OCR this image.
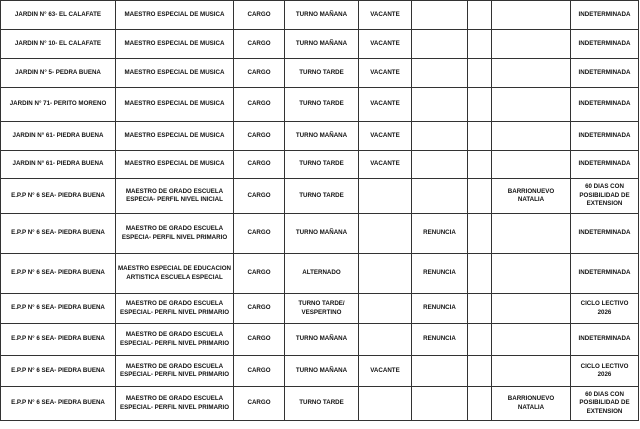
JARDIN N° 63- EL CALAFATE	MAESTRO ESPECIAL DE MUSICA	CARGO	TURNO MAÑANA	VACANTE				INDETERMINADA
JARDIN N° 10- EL CALAFATE	MAESTRO ESPECIAL DE MUSICA	CARGO	TURNO MAÑANA	VACANTE				INDETERMINADA
JARDIN N° 5- PEDRA BUENA	MAESTRO ESPECIAL DE MUSICA	CARGO	TURNO TARDE	VACANTE				INDETERMINADA
JARDIN N° 71- PERITO MORENO	MAESTRO ESPECIAL DE MUSICA	CARGO	TURNO TARDE	VACANTE				INDETERMINADA
JARDIN N° 61- PIEDRA BUENA	MAESTRO ESPECIAL DE MUSICA	CARGO	TURNO MAÑANA	VACANTE				INDETERMINADA
JARDIN N° 61- PIEDRA BUENA	MAESTRO ESPECIAL DE MUSICA	CARGO	TURNO TARDE	VACANTE				INDETERMINADA
E.P.P N° 6 SEA- PIEDRA BUENA	MAESTRO DE GRADO ESCUELA ESPECIA- PERFIL NIVEL INICIAL	CARGO	TURNO TARDE				BARRIONUEVO NATALIA	60 DIAS CON POSIBILIDAD DE EXTENSION
E.P.P N° 6 SEA- PIEDRA BUENA	MAESTRO DE GRADO ESCUELA ESPECIA- PERFIL NIVEL PRIMARIO	CARGO	TURNO MAÑANA		RENUNCIA			INDETERMINADA
E.P.P N° 6 SEA- PIEDRA BUENA	MAESTRO ESPECIAL DE EDUCACION ARTISTICA ESCUELA ESPECIAL	CARGO	ALTERNADO		RENUNCIA			INDETERMINADA
E.P.P N° 6 SEA- PIEDRA BUENA	MAESTRO DE GRADO ESCUELA ESPECIAL- PERFIL NIVEL PRIMARIO	CARGO	TURNO TARDE/ VESPERTINO		RENUNCIA			CICLO LECTIVO 2026
E.P.P N° 6 SEA- PIEDRA BUENA	MAESTRO DE GRADO ESCUELA ESPECIAL- PERFIL NIVEL PRIMARIO	CARGO	TURNO MAÑANA		RENUNCIA			INDETERMINADA
E.P.P N° 6 SEA- PIEDRA BUENA	MAESTRO DE GRADO ESCUELA ESPECIAL- PERFIL NIVEL PRIMARIO	CARGO	TURNO MAÑANA	VACANTE				CICLO LECTIVO 2026
E.P.P N° 6 SEA- PIEDRA BUENA	MAESTRO DE GRADO ESCUELA ESPECIAL- PERFIL NIVEL PRIMARIO	CARGO	TURNO TARDE				BARRIONUEVO NATALIA	60 DIAS CON POSIBILIDAD DE EXTENSION
